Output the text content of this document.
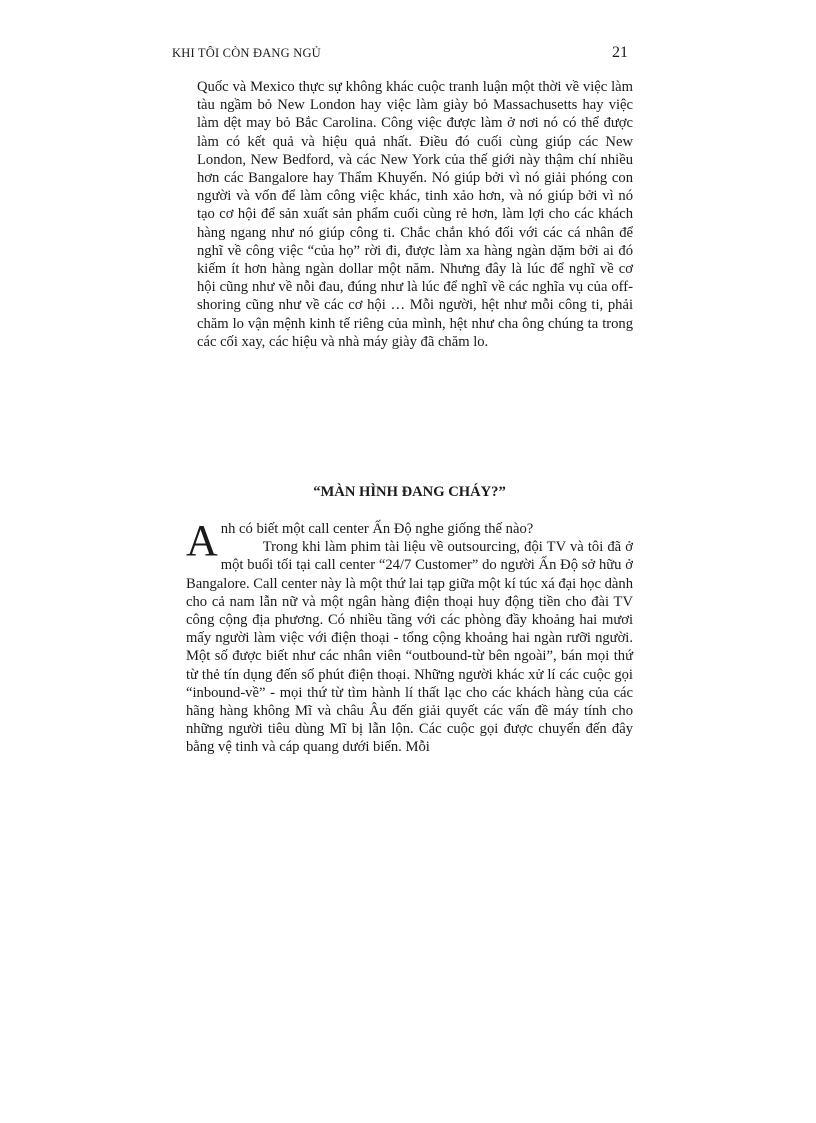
KHI TÔI CÒN ĐANG NGỦ	21

Quốc và Mexico thực sự không khác cuộc tranh luận một thời về việc làm tàu ngầm bỏ New London hay việc làm giày bỏ Massachusetts hay việc làm dệt may bỏ Bắc Carolina. Công việc được làm ở nơi nó có thể được làm có kết quả và hiệu quả nhất. Điều đó cuối cùng giúp các New London, New Bedford, và các New York của thế giới này thậm chí nhiều hơn các Bangalore hay Thẩm Khuyến. Nó giúp bởi vì nó giải phóng con người và vốn để làm công việc khác, tinh xảo hơn, và nó giúp bởi vì nó tạo cơ hội để sản xuất sản phẩm cuối cùng rẻ hơn, làm lợi cho các khách hàng ngang như nó giúp công ti. Chắc chắn khó đối với các cá nhân để nghĩ về công việc “của họ” rời đi, được làm xa hàng ngàn dặm bởi ai đó kiếm ít hơn hàng ngàn dollar một năm. Nhưng đây là lúc để nghĩ về cơ hội cũng như về nỗi đau, đúng như là lúc để nghĩ về các nghĩa vụ của off-shoring cũng như về các cơ hội … Mỗi người, hệt như mỗi công ti, phải chăm lo vận mệnh kinh tế riêng của mình, hệt như cha ông chúng ta trong các cối xay, các hiệu và nhà máy giày đã chăm lo.

“MÀN HÌNH ĐANG CHÁY?”
Anh có biết một call center Ấn Độ nghe giống thế nào?
Trong khi làm phim tài liệu về outsourcing, đội TV và tôi đã ở một buổi tối tại call center “24/7 Customer” do người Ấn Độ sở hữu ở Bangalore. Call center này là một thứ lai tạp giữa một kí túc xá đại học dành cho cả nam lẫn nữ và một ngân hàng điện thoại huy động tiền cho đài TV công cộng địa phương. Có nhiều tầng với các phòng đầy khoảng hai mươi mấy người làm việc với điện thoại - tổng cộng khoảng hai ngàn rưỡi người. Một số được biết như các nhân viên “outbound-từ bên ngoài”, bán mọi thứ từ thẻ tín dụng đến số phút điện thoại. Những người khác xử lí các cuộc gọi “inbound-về” - mọi thứ từ tìm hành lí thất lạc cho các khách hàng của các hãng hàng không Mĩ và châu Âu đến giải quyết các vấn đề máy tính cho những người tiêu dùng Mĩ bị lẫn lộn. Các cuộc gọi được chuyển đến đây bằng vệ tinh và cáp quang dưới biển. Mỗi
